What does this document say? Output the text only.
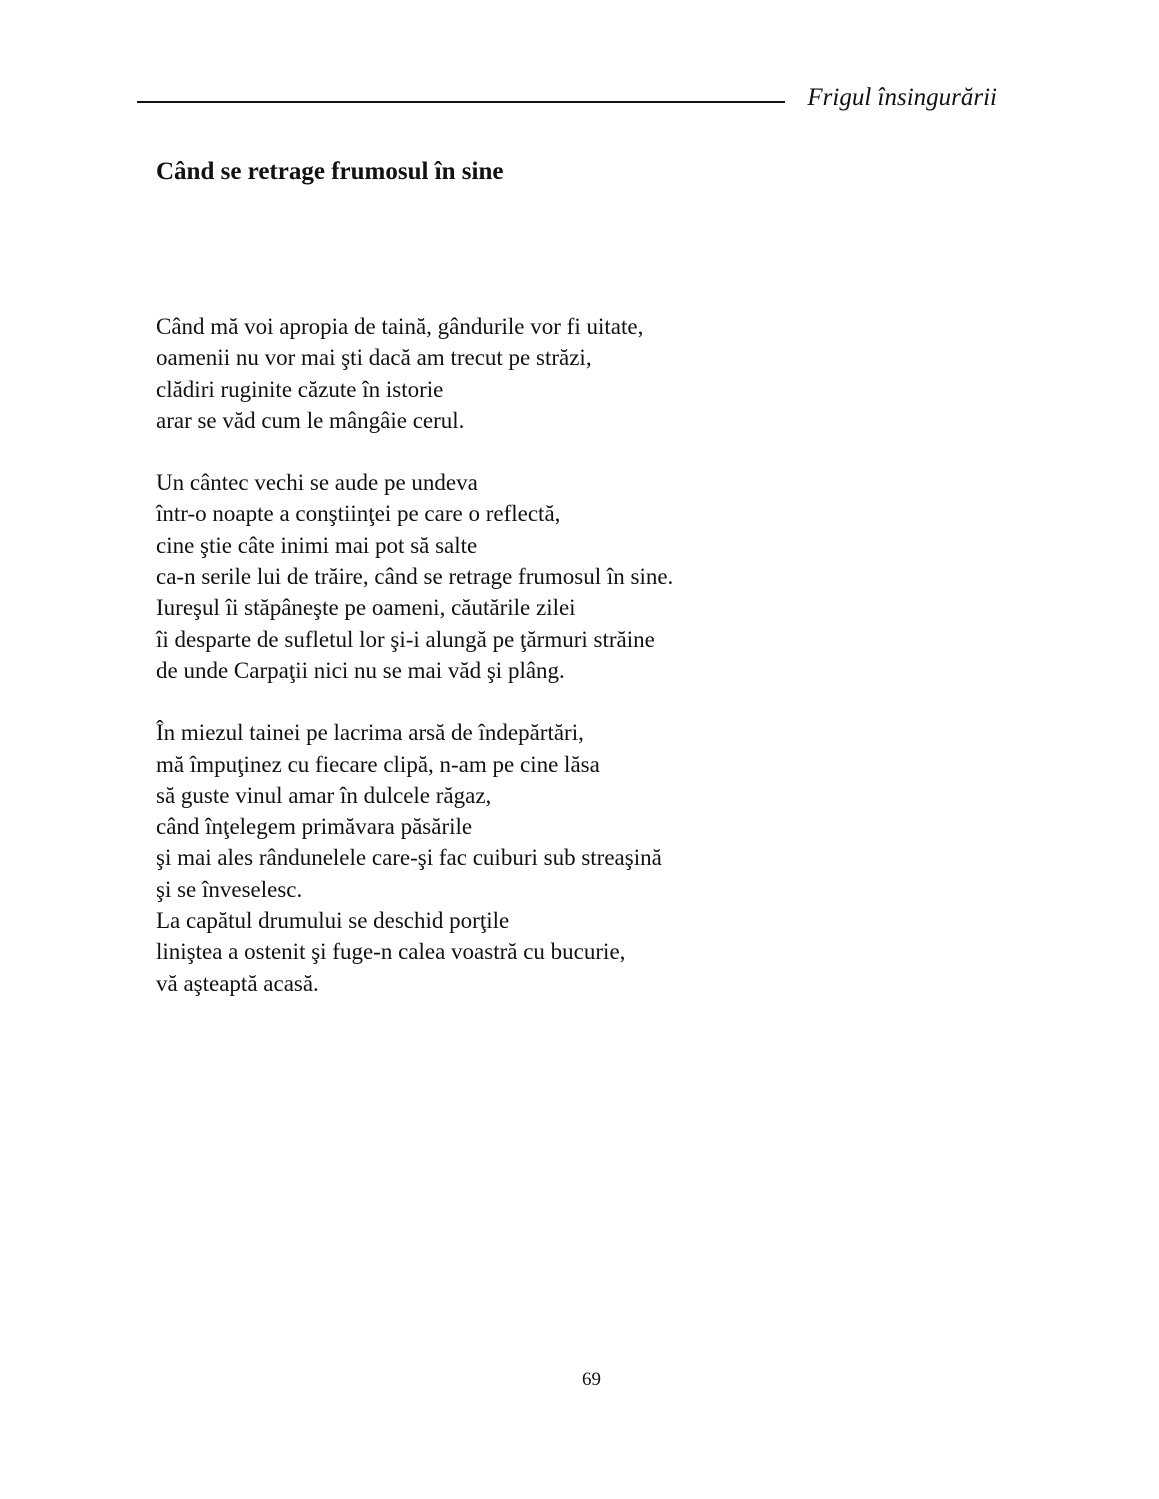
Frigul însingurării
Când se retrage frumosul în sine
Când mă voi apropia de taină, gândurile vor fi uitate,
oamenii nu vor mai şti dacă am trecut pe străzi,
clădiri ruginite căzute în istorie
arar se văd cum le mângâie cerul.
Un cântec vechi se aude pe undeva
într-o noapte a conştiinţei pe care o reflectă,
cine ştie câte inimi mai pot să salte
ca-n serile lui de trăire, când se retrage frumosul în sine.
Iureşul îi stăpâneşte pe oameni, căutările zilei
îi desparte de sufletul lor şi-i alungă pe ţărmuri străine
de unde Carpaţii nici nu se mai văd şi plâng.
În miezul tainei pe lacrima arsă de îndepărtări,
mă împuţinez cu fiecare clipă, n-am pe cine lăsa
să guste vinul amar în dulcele răgaz,
când înţelegem primăvara păsările
şi mai ales rândunelele care-şi fac cuiburi sub streaşină
şi se înveselesc.
La capătul drumului se deschid porţile
liniştea a ostenit şi fuge-n calea voastră cu bucurie,
vă aşteaptă acasă.
69
